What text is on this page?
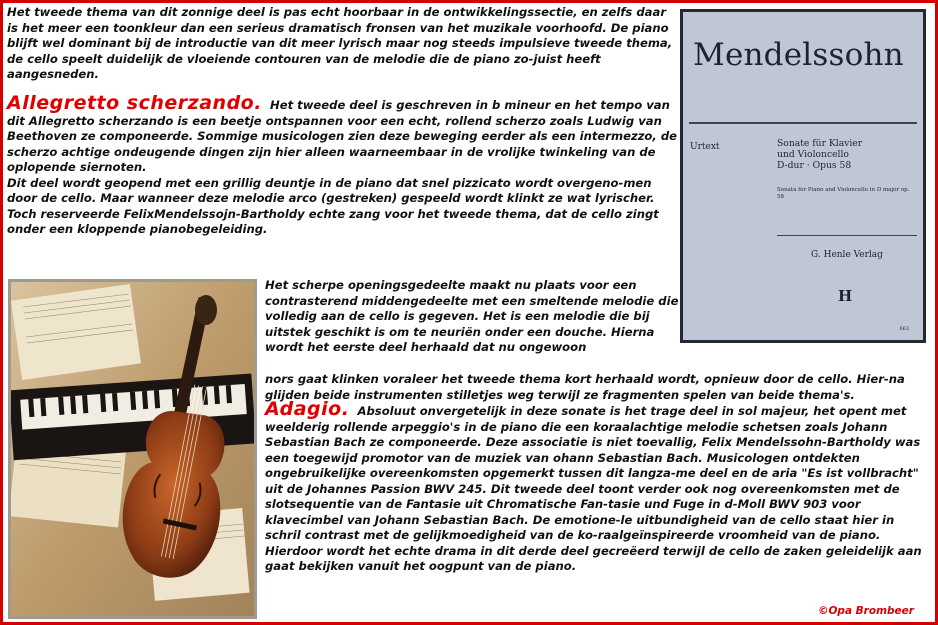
Het tweede thema van dit zonnige deel is pas echt hoorbaar in de ontwikkelingssectie, en zelfs daar is het meer een toonkleur dan een serieus dramatisch fronsen van het muzikale voorhoofd. De piano blijft wel dominant bij de introductie van dit meer lyrisch maar nog steeds impulsieve tweede thema, de cello speelt duidelijk de vloeiende contouren van de melodie die de piano zo-juist heeft aangesneden.

Allegretto scherzando. Het tweede deel is geschreven in b mineur en het tempo van dit Allegretto scherzando is een beetje ontspannen voor een echt, rollend scherzo zoals Ludwig van Beethoven ze componeerde. Sommige musicologen zien deze beweging eerder als een intermezzo, de scherzo achtige ondeugende dingen zijn hier alleen waarneembaar in de vrolijke twinkeling van de oplopende siernoten.
Dit deel wordt geopend met een grillig deuntje in de piano dat snel pizzicato wordt overgeno-men door de cello. Maar wanneer deze melodie arco (gestreken) gespeeld wordt klinkt ze wat lyrischer. Toch reserveerde FelixMendelssojn-Bartholdy echte zang voor het tweede thema, dat de cello zingt onder een kloppende pianobegeleiding.

Het scherpe openingsgedeelte maakt nu plaats voor een contrasterend middengedeelte met een smeltende melodie die volledig aan de cello is gegeven. Het is een melodie die bij uitstek geschikt is om te neuriën onder een douche. Hierna wordt het eerste deel herhaald dat nu ongewoon

nors gaat klinken voraleer het tweede thema kort herhaald wordt, opnieuw door de cello. Hier-na glijden beide instrumenten stilletjes weg terwijl ze fragmenten spelen van beide thema's.

Adagio. Absoluut onvergetelijk in deze sonate is het trage deel in sol majeur, het opent met weelderig rollende arpeggio's in de piano die een koraalachtige melodie schetsen zoals Johann Sebastian Bach ze componeerde. Deze associatie is niet toevallig, Felix Mendelssohn-Bartholdy was een toegewijd promotor van de muziek van ohann Sebastian Bach. Musicologen ontdekten ongebruikelijke overeenkomsten opgemerkt tussen dit langza-me deel en de aria "Es ist vollbracht" uit de Johannes Passion BWV 245. Dit tweede deel toont verder ook nog overeenkomsten met de slotsequentie van de Fantasie uit Chromatische Fan-tasie und Fuge in d-Moll BWV 903 voor klavecimbel van Johann Sebastian Bach. De emotione-le uitbundigheid van de cello staat hier in schril contrast met de gelijkmoedigheid van de ko-raalgeïnspireerde vroomheid van de piano. Hierdoor wordt het echte drama in dit derde deel gecreëerd terwijl de cello de zaken geleidelijk aan gaat bekijken vanuit het oogpunt van de piano.

Mendelssohn
Urtext	Sonate für Klavier
und Violoncello
D-dur · Opus 58
Sonata for Piano and Violoncello in D major op. 58
G. Henle Verlag
H
663
©Opa Brombeer
